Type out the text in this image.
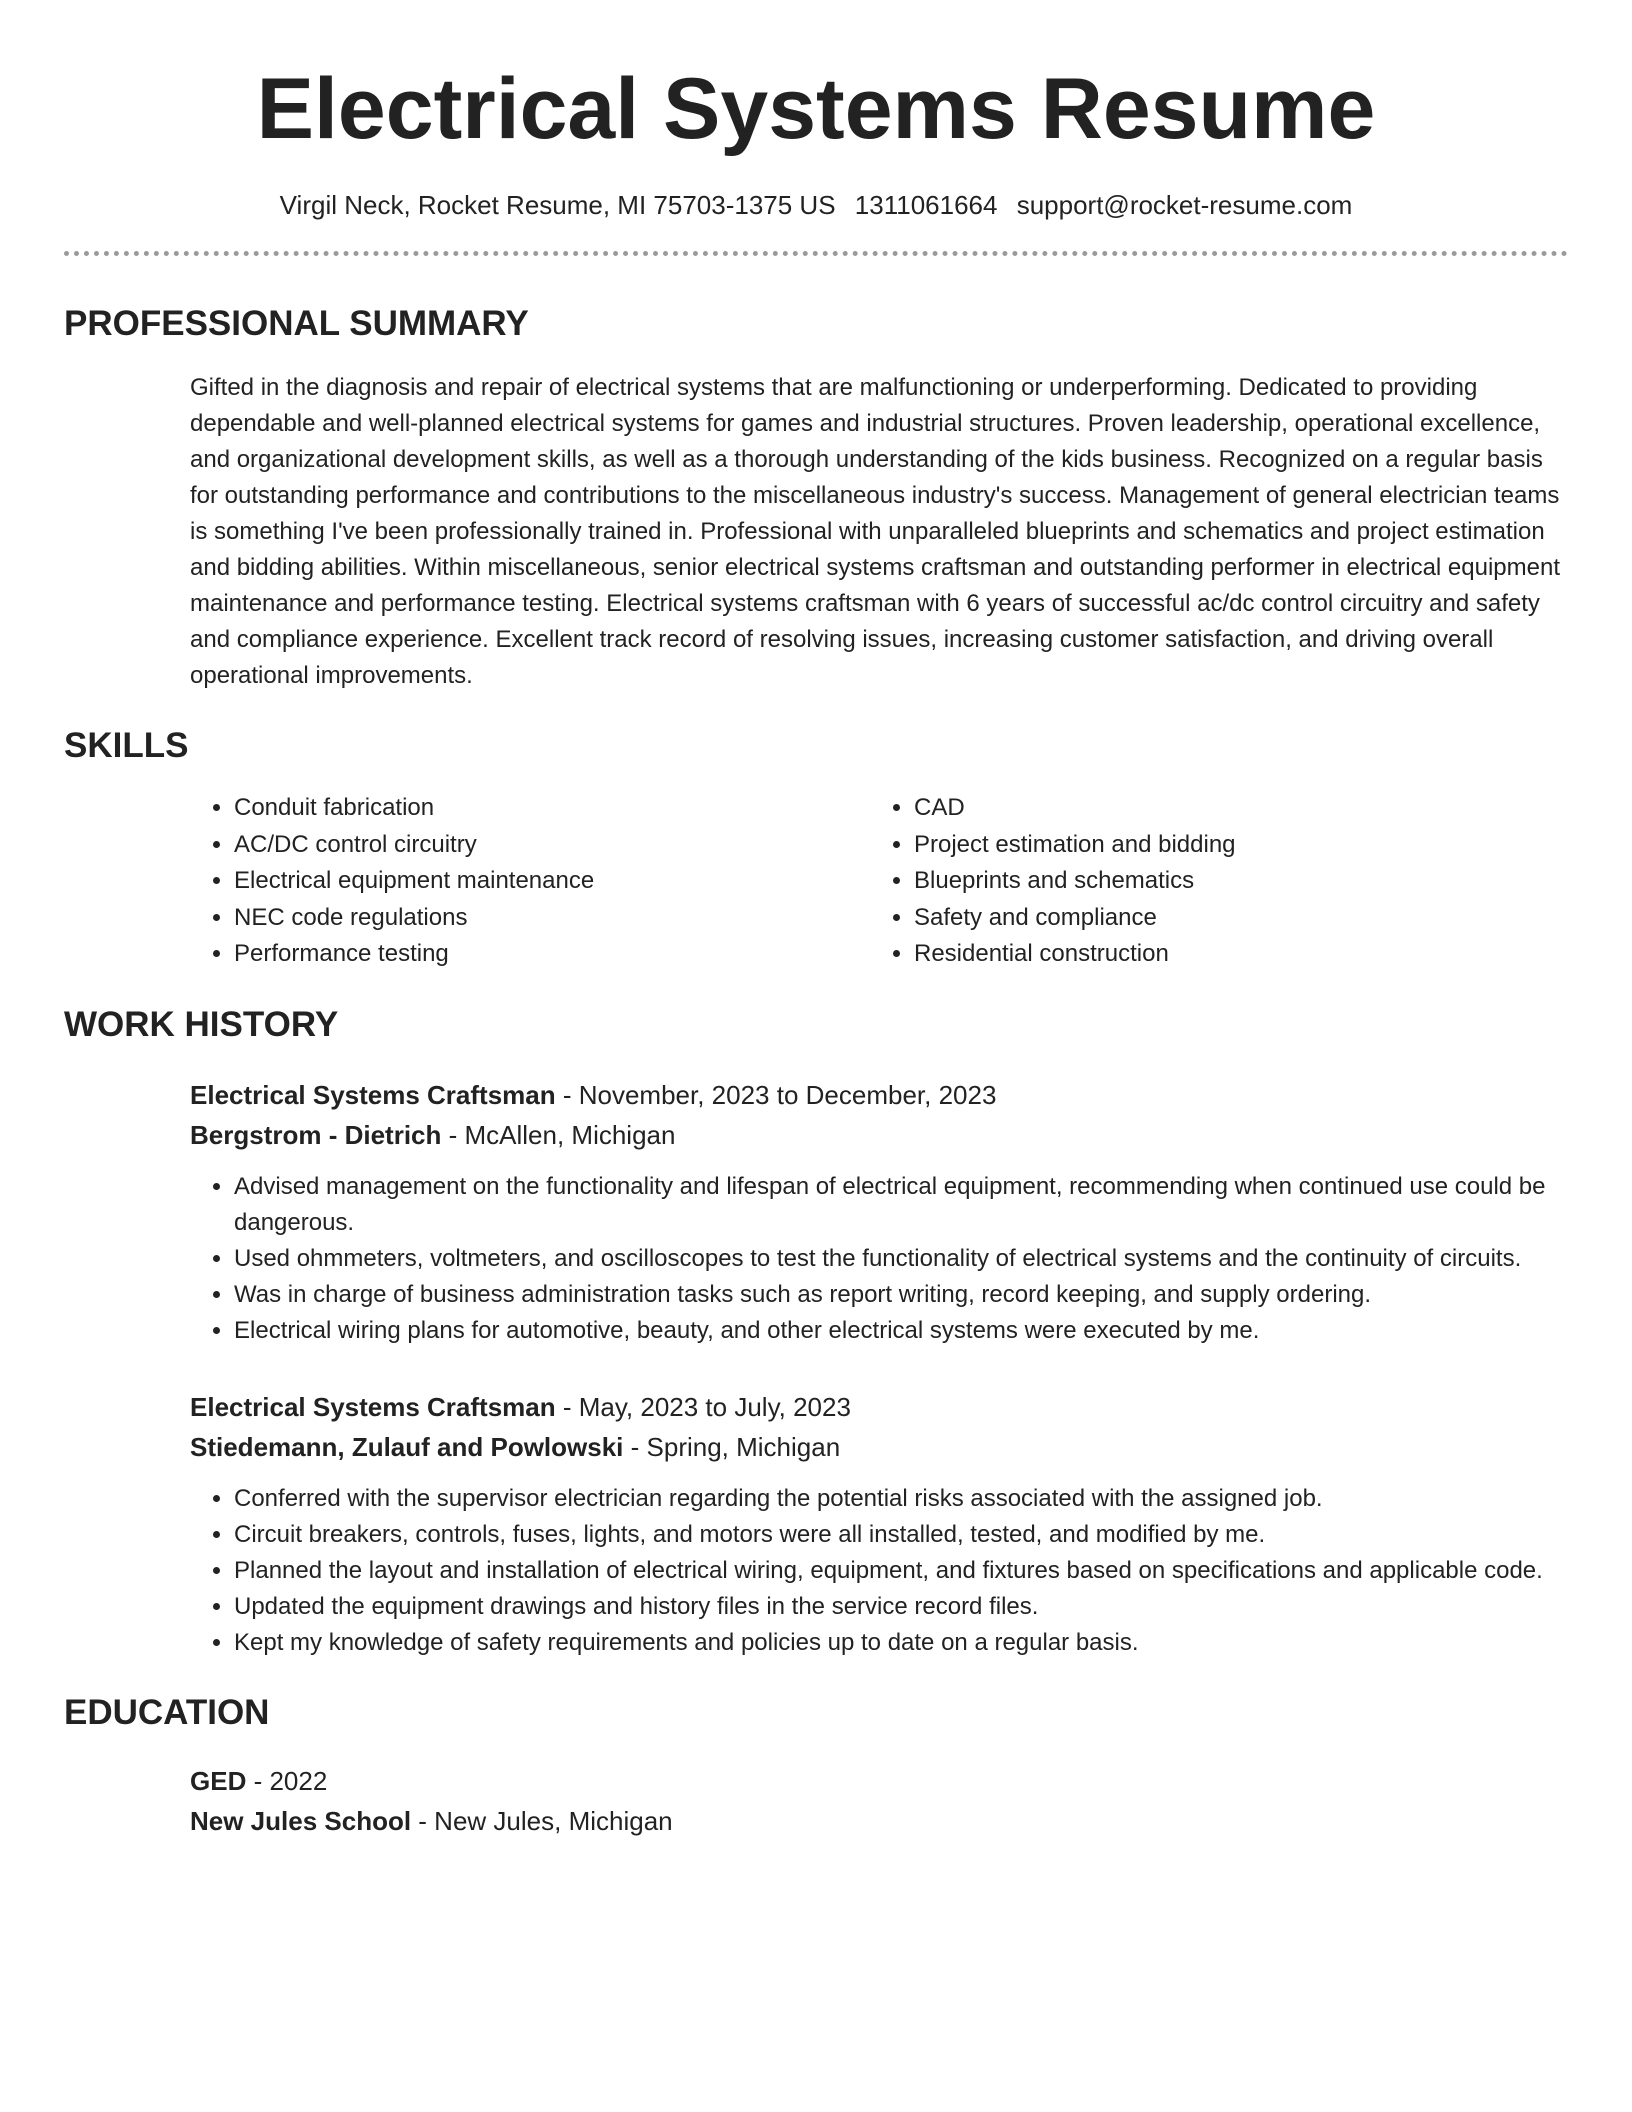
Electrical Systems Resume
Virgil Neck, Rocket Resume, MI 75703-1375 US 1311061664 support@rocket-resume.com
PROFESSIONAL SUMMARY

Gifted in the diagnosis and repair of electrical systems that are malfunctioning or underperforming. Dedicated to providing dependable and well-planned electrical systems for games and industrial structures. Proven leadership, operational excellence, and organizational development skills, as well as a thorough understanding of the kids business. Recognized on a regular basis for outstanding performance and contributions to the miscellaneous industry's success. Management of general electrician teams is something I've been professionally trained in. Professional with unparalleled blueprints and schematics and project estimation and bidding abilities. Within miscellaneous, senior electrical systems craftsman and outstanding performer in electrical equipment maintenance and performance testing. Electrical systems craftsman with 6 years of successful ac/dc control circuitry and safety and compliance experience. Excellent track record of resolving issues, increasing customer satisfaction, and driving overall operational improvements.

SKILLS
• Conduit fabrication
• AC/DC control circuitry
• Electrical equipment maintenance
• NEC code regulations
• Performance testing
• CAD
• Project estimation and bidding
• Blueprints and schematics
• Safety and compliance
• Residential construction
WORK HISTORY
Electrical Systems Craftsman - November, 2023 to December, 2023
Bergstrom - Dietrich - McAllen, Michigan
• Advised management on the functionality and lifespan of electrical equipment, recommending when continued use could be dangerous.
• Used ohmmeters, voltmeters, and oscilloscopes to test the functionality of electrical systems and the continuity of circuits.
• Was in charge of business administration tasks such as report writing, record keeping, and supply ordering.
• Electrical wiring plans for automotive, beauty, and other electrical systems were executed by me.
Electrical Systems Craftsman - May, 2023 to July, 2023
Stiedemann, Zulauf and Powlowski - Spring, Michigan
• Conferred with the supervisor electrician regarding the potential risks associated with the assigned job.
• Circuit breakers, controls, fuses, lights, and motors were all installed, tested, and modified by me.
• Planned the layout and installation of electrical wiring, equipment, and fixtures based on specifications and applicable code.
• Updated the equipment drawings and history files in the service record files.
• Kept my knowledge of safety requirements and policies up to date on a regular basis.
EDUCATION
GED - 2022
New Jules School - New Jules, Michigan
